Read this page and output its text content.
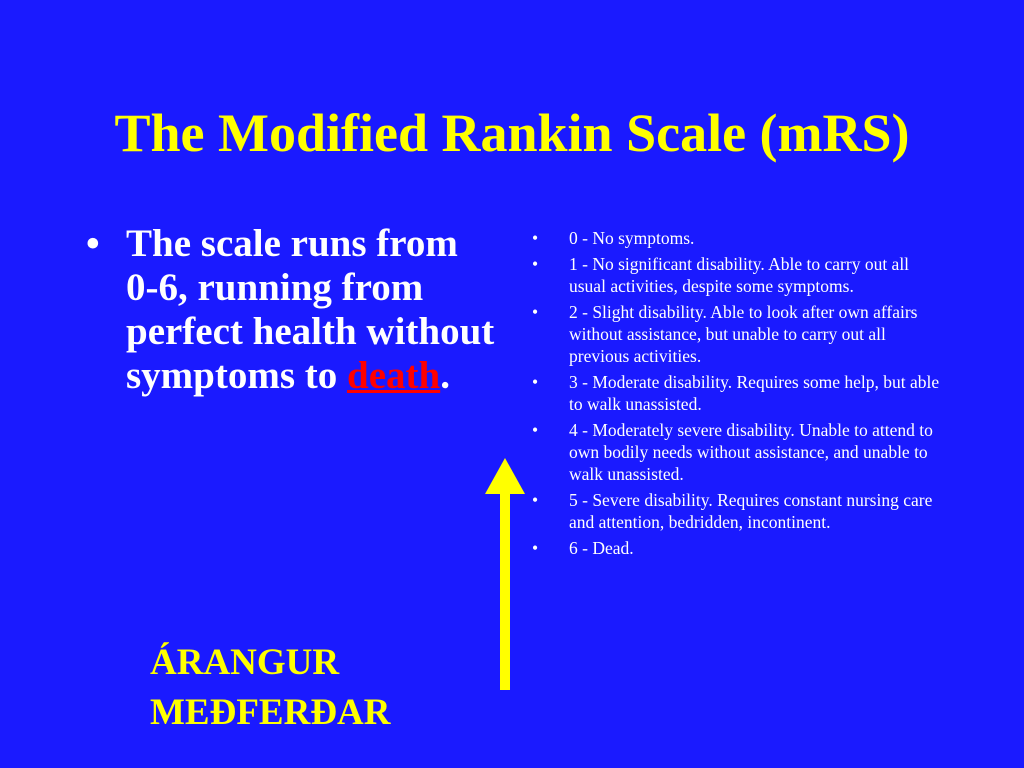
The Modified Rankin Scale (mRS)
• The scale runs from 0-6, running from perfect health without symptoms to death.
ÁRANGUR
MEÐFERÐAR
• 0 - No symptoms.
• 1 - No significant disability. Able to carry out all usual activities, despite some symptoms.
• 2 - Slight disability. Able to look after own affairs without assistance, but unable to carry out all previous activities.
• 3 - Moderate disability. Requires some help, but able to walk unassisted.
• 4 - Moderately severe disability. Unable to attend to own bodily needs without assistance, and unable to walk unassisted.
• 5 - Severe disability. Requires constant nursing care and attention, bedridden, incontinent.
• 6 - Dead.
